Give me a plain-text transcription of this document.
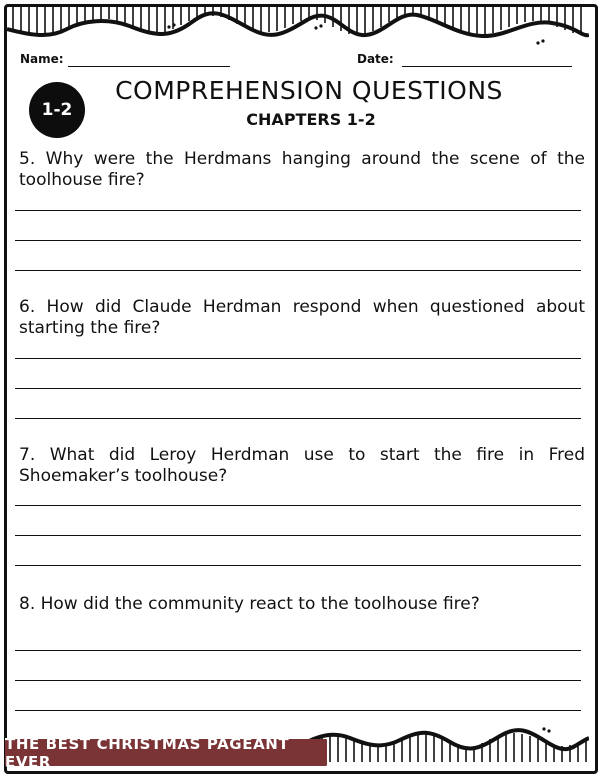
Name:	Date:
1-2
COMPREHENSION QUESTIONS
CHAPTERS 1-2
5. Why were the Herdmans hanging around the scene of the toolhouse fire?
6. How did Claude Herdman respond when questioned about starting the fire?
7. What did Leroy Herdman use to start the fire in Fred Shoemaker’s toolhouse?
8. How did the community react to the toolhouse fire?
THE BEST CHRISTMAS PAGEANT EVER
